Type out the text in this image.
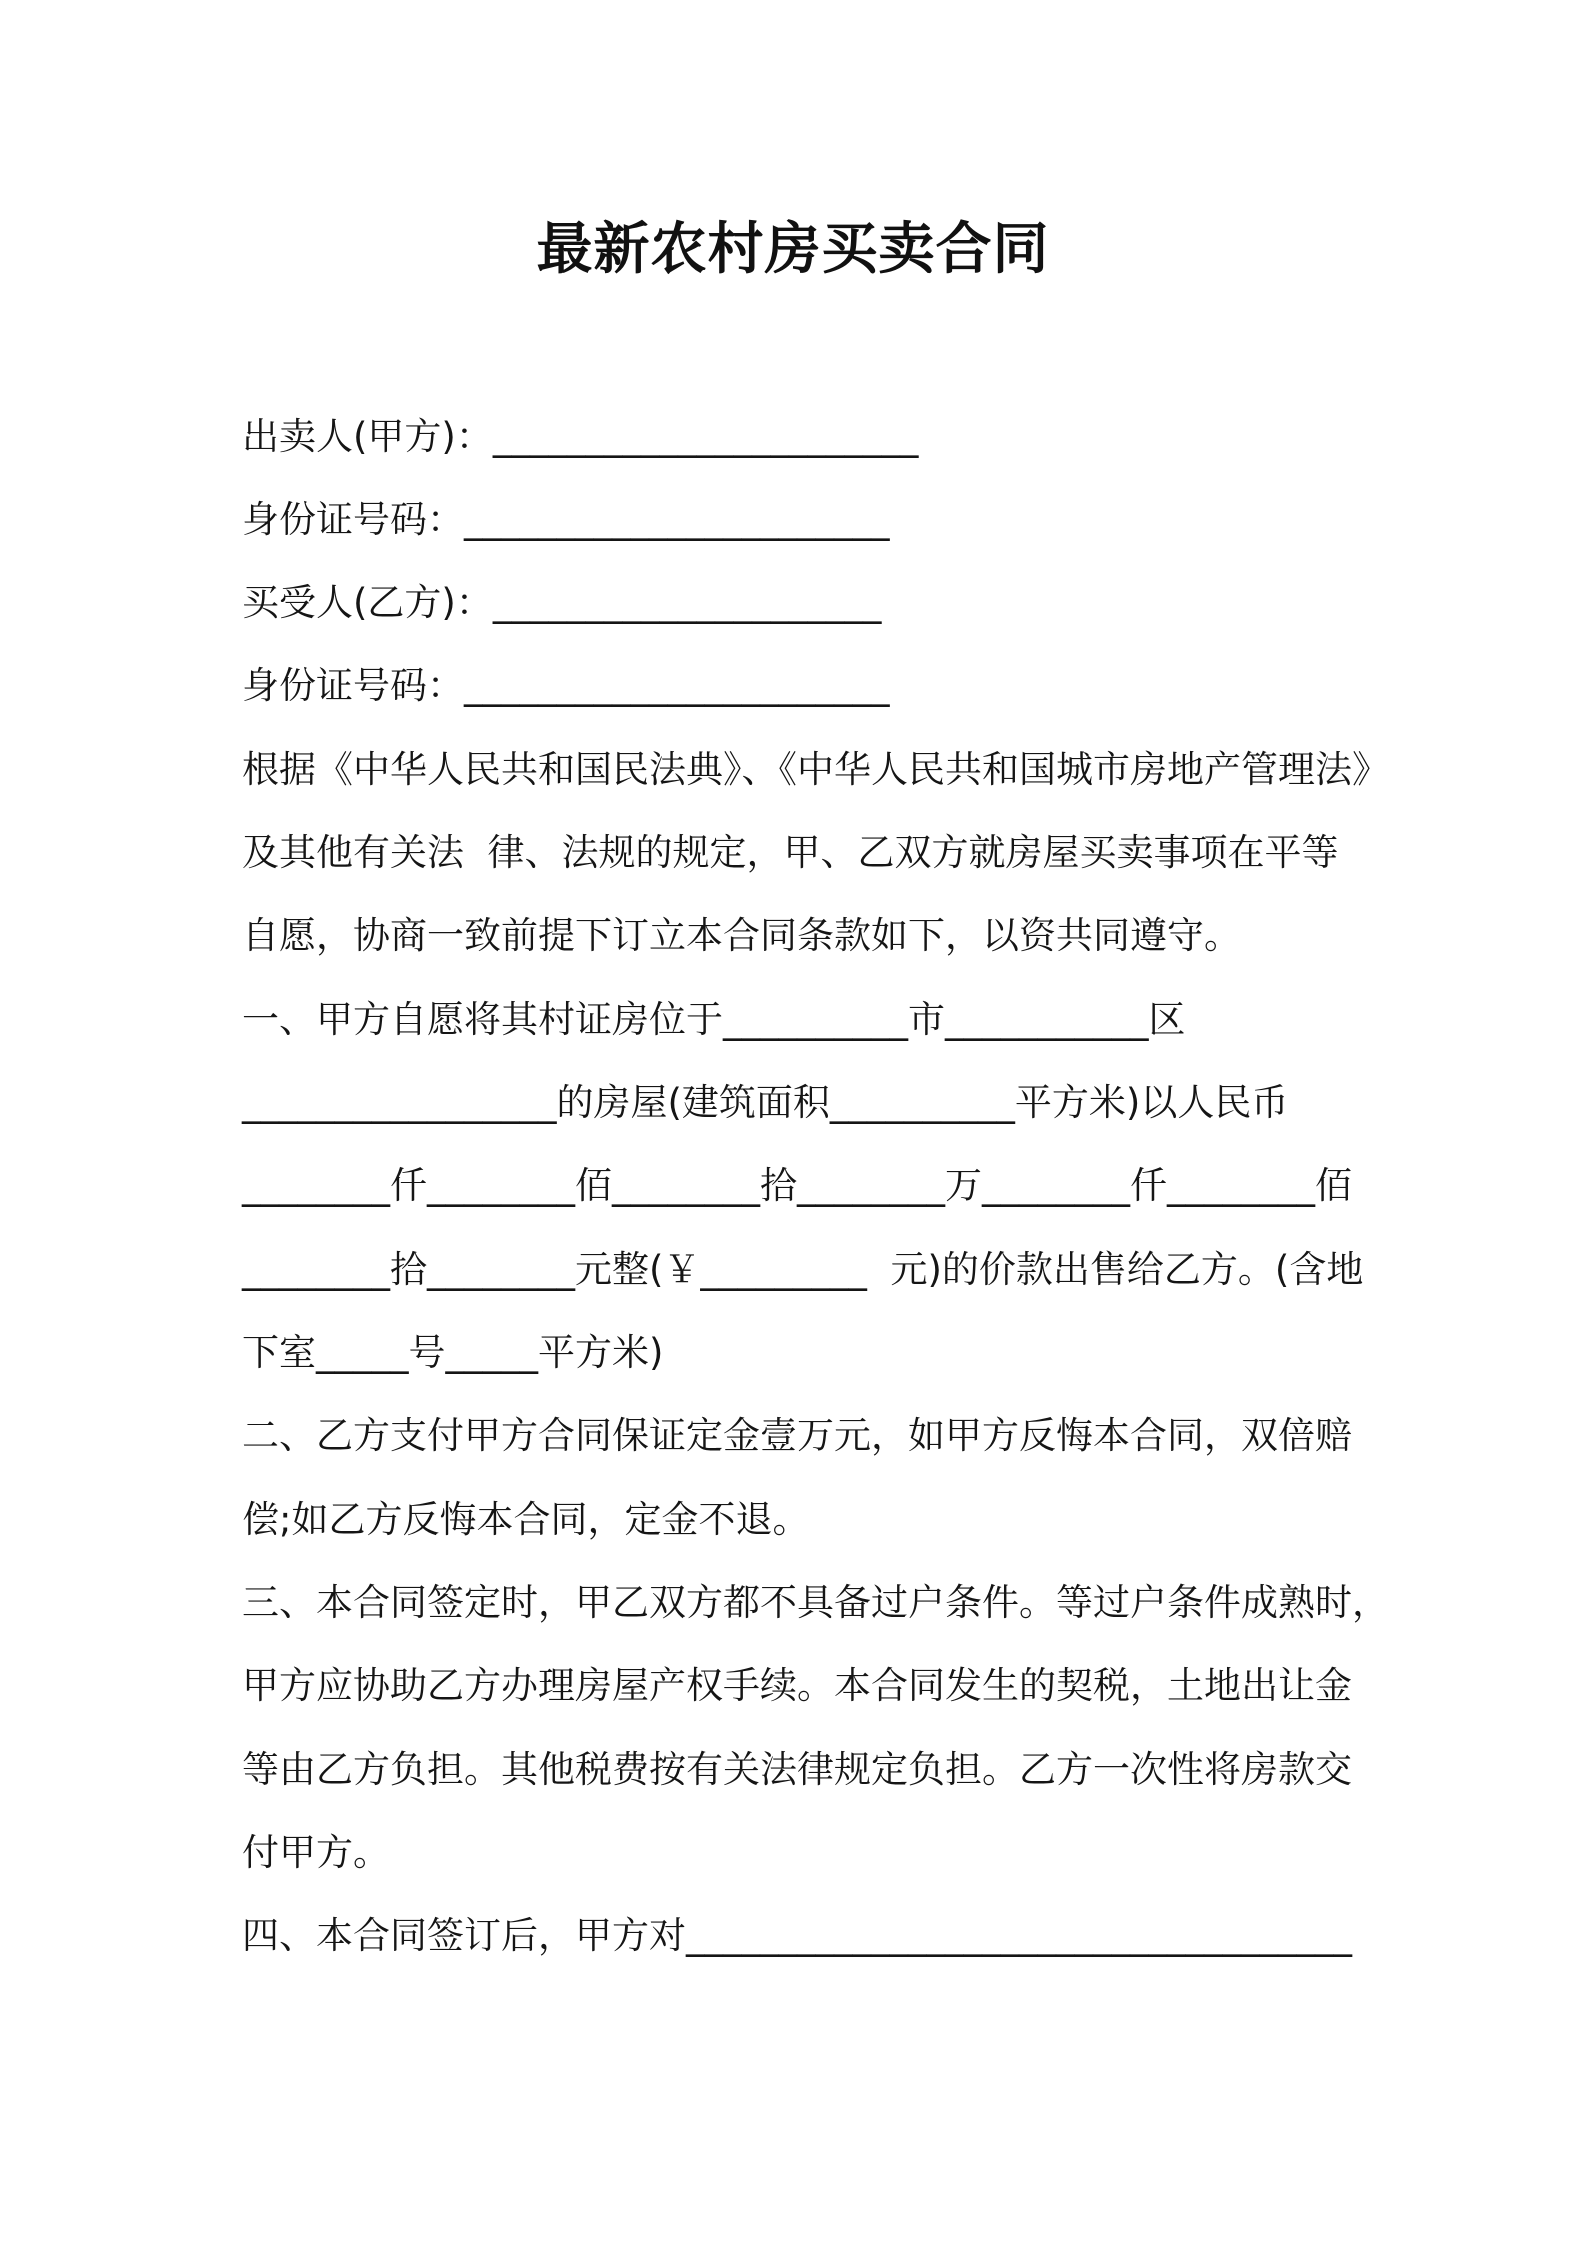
最新农村房买卖合同
出卖人(甲方)：_______________________
身份证号码：_______________________
买受人(乙方)：_____________________
身份证号码：_______________________
根据《中华人民共和国民法典》、《中华人民共和国城市房地产管理法》
及其他有关法  律、法规的规定，甲、乙双方就房屋买卖事项在平等
自愿，协商一致前提下订立本合同条款如下，以资共同遵守。
一、甲方自愿将其村证房位于__________市___________区
_________________的房屋(建筑面积__________平方米)以人民币
________仟________佰________拾________万________仟________佰
________拾________元整(￥_________  元)的价款出售给乙方。(含地
下室_____号_____平方米)
二、乙方支付甲方合同保证定金壹万元，如甲方反悔本合同，双倍赔
偿;如乙方反悔本合同，定金不退。
三、本合同签定时，甲乙双方都不具备过户条件。等过户条件成熟时，
甲方应协助乙方办理房屋产权手续。本合同发生的契税，土地出让金
等由乙方负担。其他税费按有关法律规定负担。乙方一次性将房款交
付甲方。
四、本合同签订后，甲方对____________________________________
